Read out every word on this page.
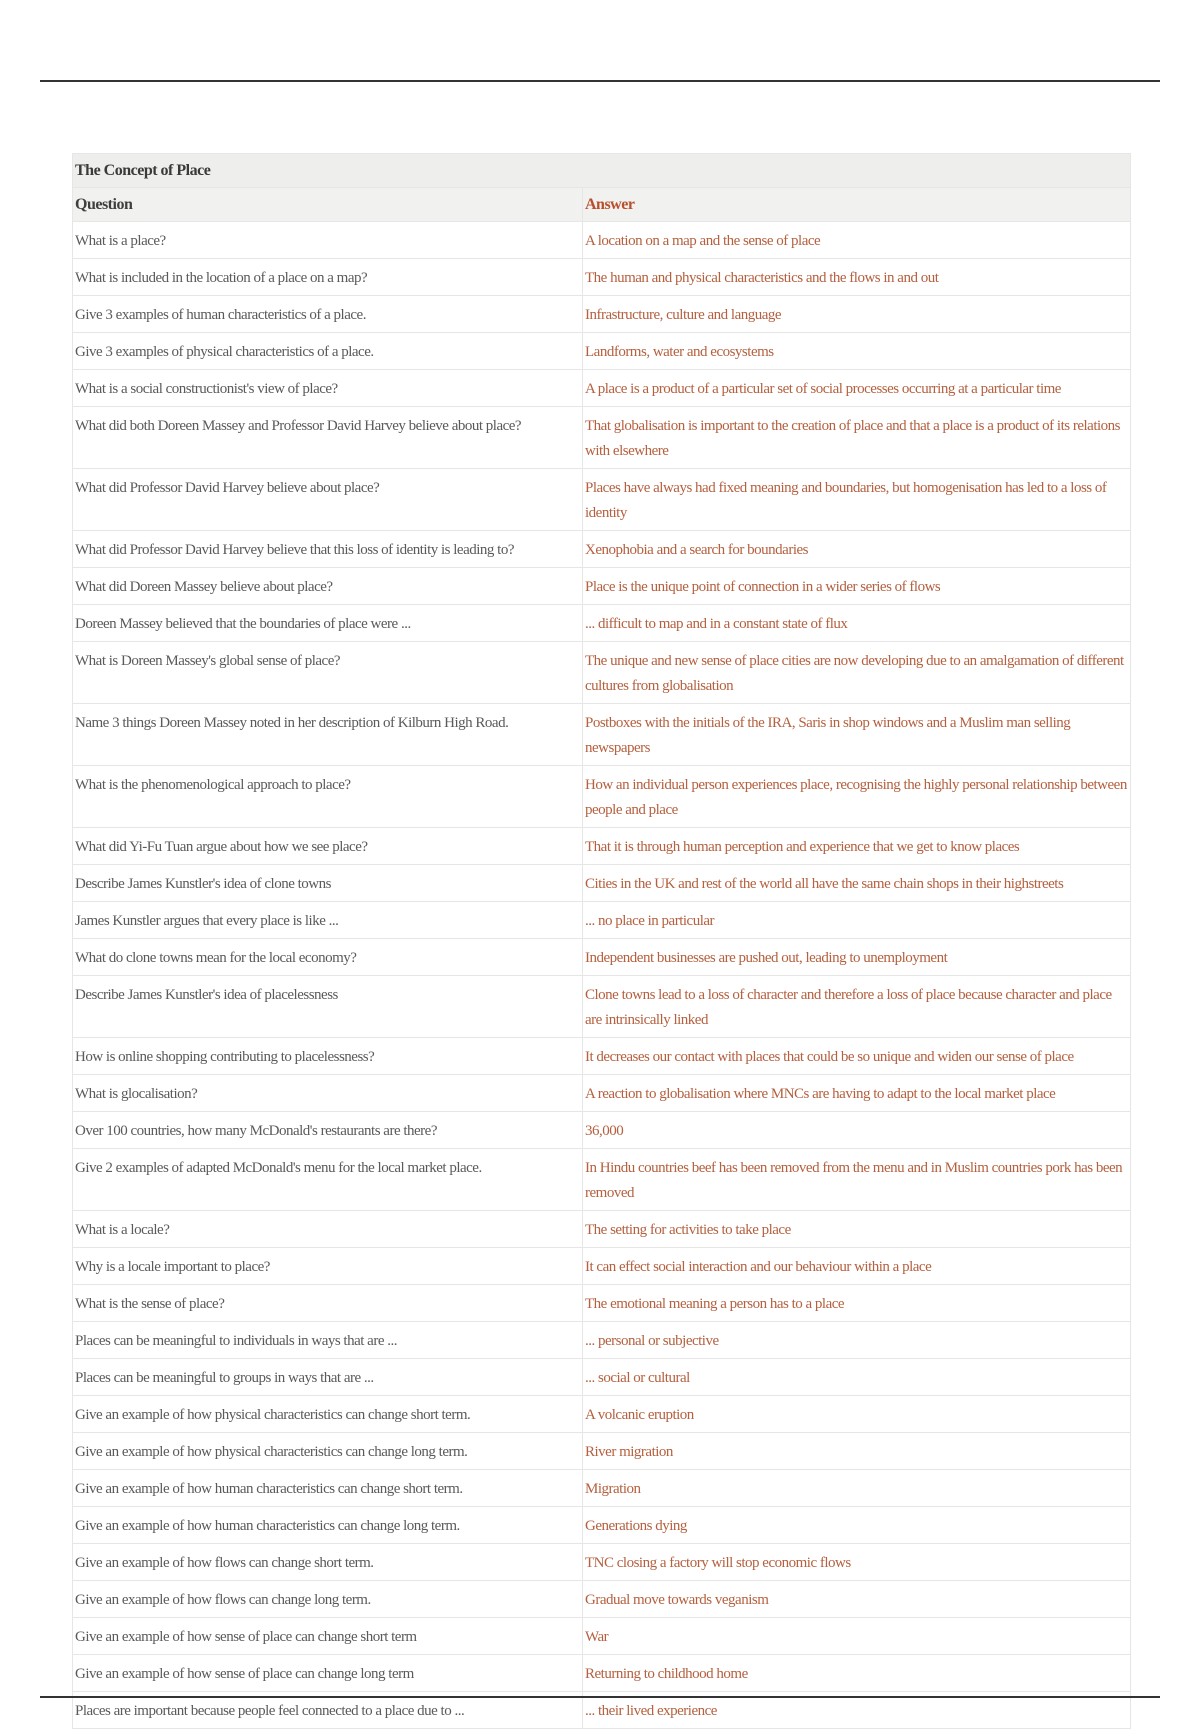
The Concept of Place	
Question	Answer
What is a place?	A location on a map and the sense of place
What is included in the location of a place on a map?	The human and physical characteristics and the flows in and out
Give 3 examples of human characteristics of a place.	Infrastructure, culture and language
Give 3 examples of physical characteristics of a place.	Landforms, water and ecosystems
What is a social constructionist's view of place?	A place is a product of a particular set of social processes occurring at a particular time
What did both Doreen Massey and Professor David Harvey believe about place?	That globalisation is important to the creation of place and that a place is a product of its relations with elsewhere
What did Professor David Harvey believe about place?	Places have always had fixed meaning and boundaries, but homogenisation has led to a loss of identity
What did Professor David Harvey believe that this loss of identity is leading to?	Xenophobia and a search for boundaries
What did Doreen Massey believe about place?	Place is the unique point of connection in a wider series of flows
Doreen Massey believed that the boundaries of place were ...	... difficult to map and in a constant state of flux
What is Doreen Massey's global sense of place?	The unique and new sense of place cities are now developing due to an amalgamation of different cultures from globalisation
Name 3 things Doreen Massey noted in her description of Kilburn High Road.	Postboxes with the initials of the IRA, Saris in shop windows and a Muslim man selling newspapers
What is the phenomenological approach to place?	How an individual person experiences place, recognising the highly personal relationship between people and place
What did Yi-Fu Tuan argue about how we see place?	That it is through human perception and experience that we get to know places
Describe James Kunstler's idea of clone towns	Cities in the UK and rest of the world all have the same chain shops in their highstreets
James Kunstler argues that every place is like ...	... no place in particular
What do clone towns mean for the local economy?	Independent businesses are pushed out, leading to unemployment
Describe James Kunstler's idea of placelessness	Clone towns lead to a loss of character and therefore a loss of place because character and place are intrinsically linked
How is online shopping contributing to placelessness?	It decreases our contact with places that could be so unique and widen our sense of place
What is glocalisation?	A reaction to globalisation where MNCs are having to adapt to the local market place
Over 100 countries, how many McDonald's restaurants are there?	36,000
Give 2 examples of adapted McDonald's menu for the local market place.	In Hindu countries beef has been removed from the menu and in Muslim countries pork has been removed
What is a locale?	The setting for activities to take place
Why is a locale important to place?	It can effect social interaction and our behaviour within a place
What is the sense of place?	The emotional meaning a person has to a place
Places can be meaningful to individuals in ways that are ...	... personal or subjective
Places can be meaningful to groups in ways that are ...	... social or cultural
Give an example of how physical characteristics can change short term.	A volcanic eruption
Give an example of how physical characteristics can change long term.	River migration
Give an example of how human characteristics can change short term.	Migration
Give an example of how human characteristics can change long term.	Generations dying
Give an example of how flows can change short term.	TNC closing a factory will stop economic flows
Give an example of how flows can change long term.	Gradual move towards veganism
Give an example of how sense of place can change short term	War
Give an example of how sense of place can change long term	Returning to childhood home
Places are important because people feel connected to a place due to ...	... their lived experience
